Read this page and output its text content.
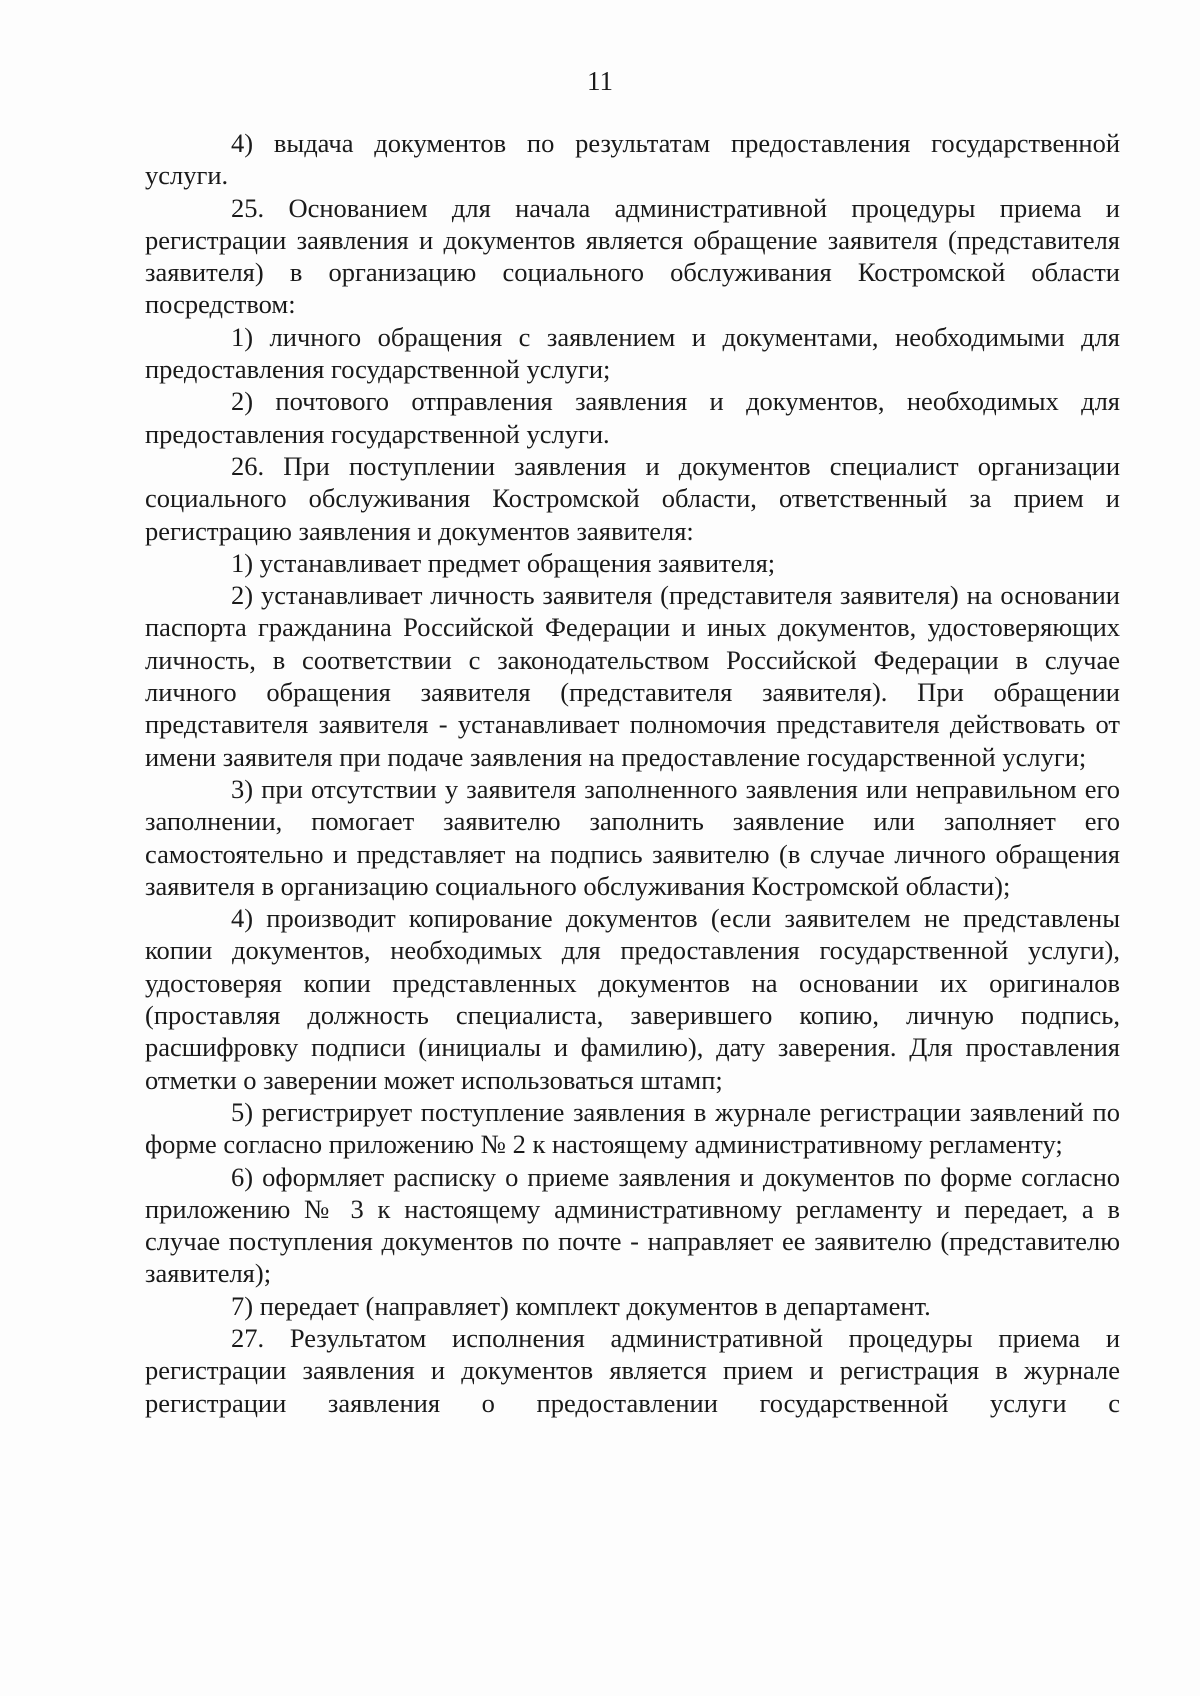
11

4) выдача документов по результатам предоставления государственной услуги.

25. Основанием для начала административной процедуры приема и регистрации заявления и документов является обращение заявителя (представителя заявителя) в организацию социального обслуживания Костромской области посредством:

1) личного обращения с заявлением и документами, необходимыми для предоставления государственной услуги;

2) почтового отправления заявления и документов, необходимых для предоставления государственной услуги.

26. При поступлении заявления и документов специалист организации социального обслуживания Костромской области, ответственный за прием и регистрацию заявления и документов заявителя:

1) устанавливает предмет обращения заявителя;

2) устанавливает личность заявителя (представителя заявителя) на основании паспорта гражданина Российской Федерации и иных документов, удостоверяющих личность, в соответствии с законодательством Российской Федерации в случае личного обращения заявителя (представителя заявителя). При обращении представителя заявителя - устанавливает полномочия представителя действовать от имени заявителя при подаче заявления на предоставление государственной услуги;

3) при отсутствии у заявителя заполненного заявления или неправильном его заполнении, помогает заявителю заполнить заявление или заполняет его самостоятельно и представляет на подпись заявителю (в случае личного обращения заявителя в организацию социального обслуживания Костромской области);

4) производит копирование документов (если заявителем не представлены копии документов, необходимых для предоставления государственной услуги), удостоверяя копии представленных документов на основании их оригиналов (проставляя должность специалиста, заверившего копию, личную подпись, расшифровку подписи (инициалы и фамилию), дату заверения. Для проставления отметки о заверении может использоваться штамп;

5) регистрирует поступление заявления в журнале регистрации заявлений по форме согласно приложению № 2 к настоящему административному регламенту;

6) оформляет расписку о приеме заявления и документов по форме согласно приложению № 3 к настоящему административному регламенту и передает, а в случае поступления документов по почте - направляет ее заявителю (представителю заявителя);

7) передает (направляет) комплект документов в департамент.

27. Результатом исполнения административной процедуры приема и регистрации заявления и документов является прием и регистрация в журнале регистрации заявления о предоставлении государственной услуги с
